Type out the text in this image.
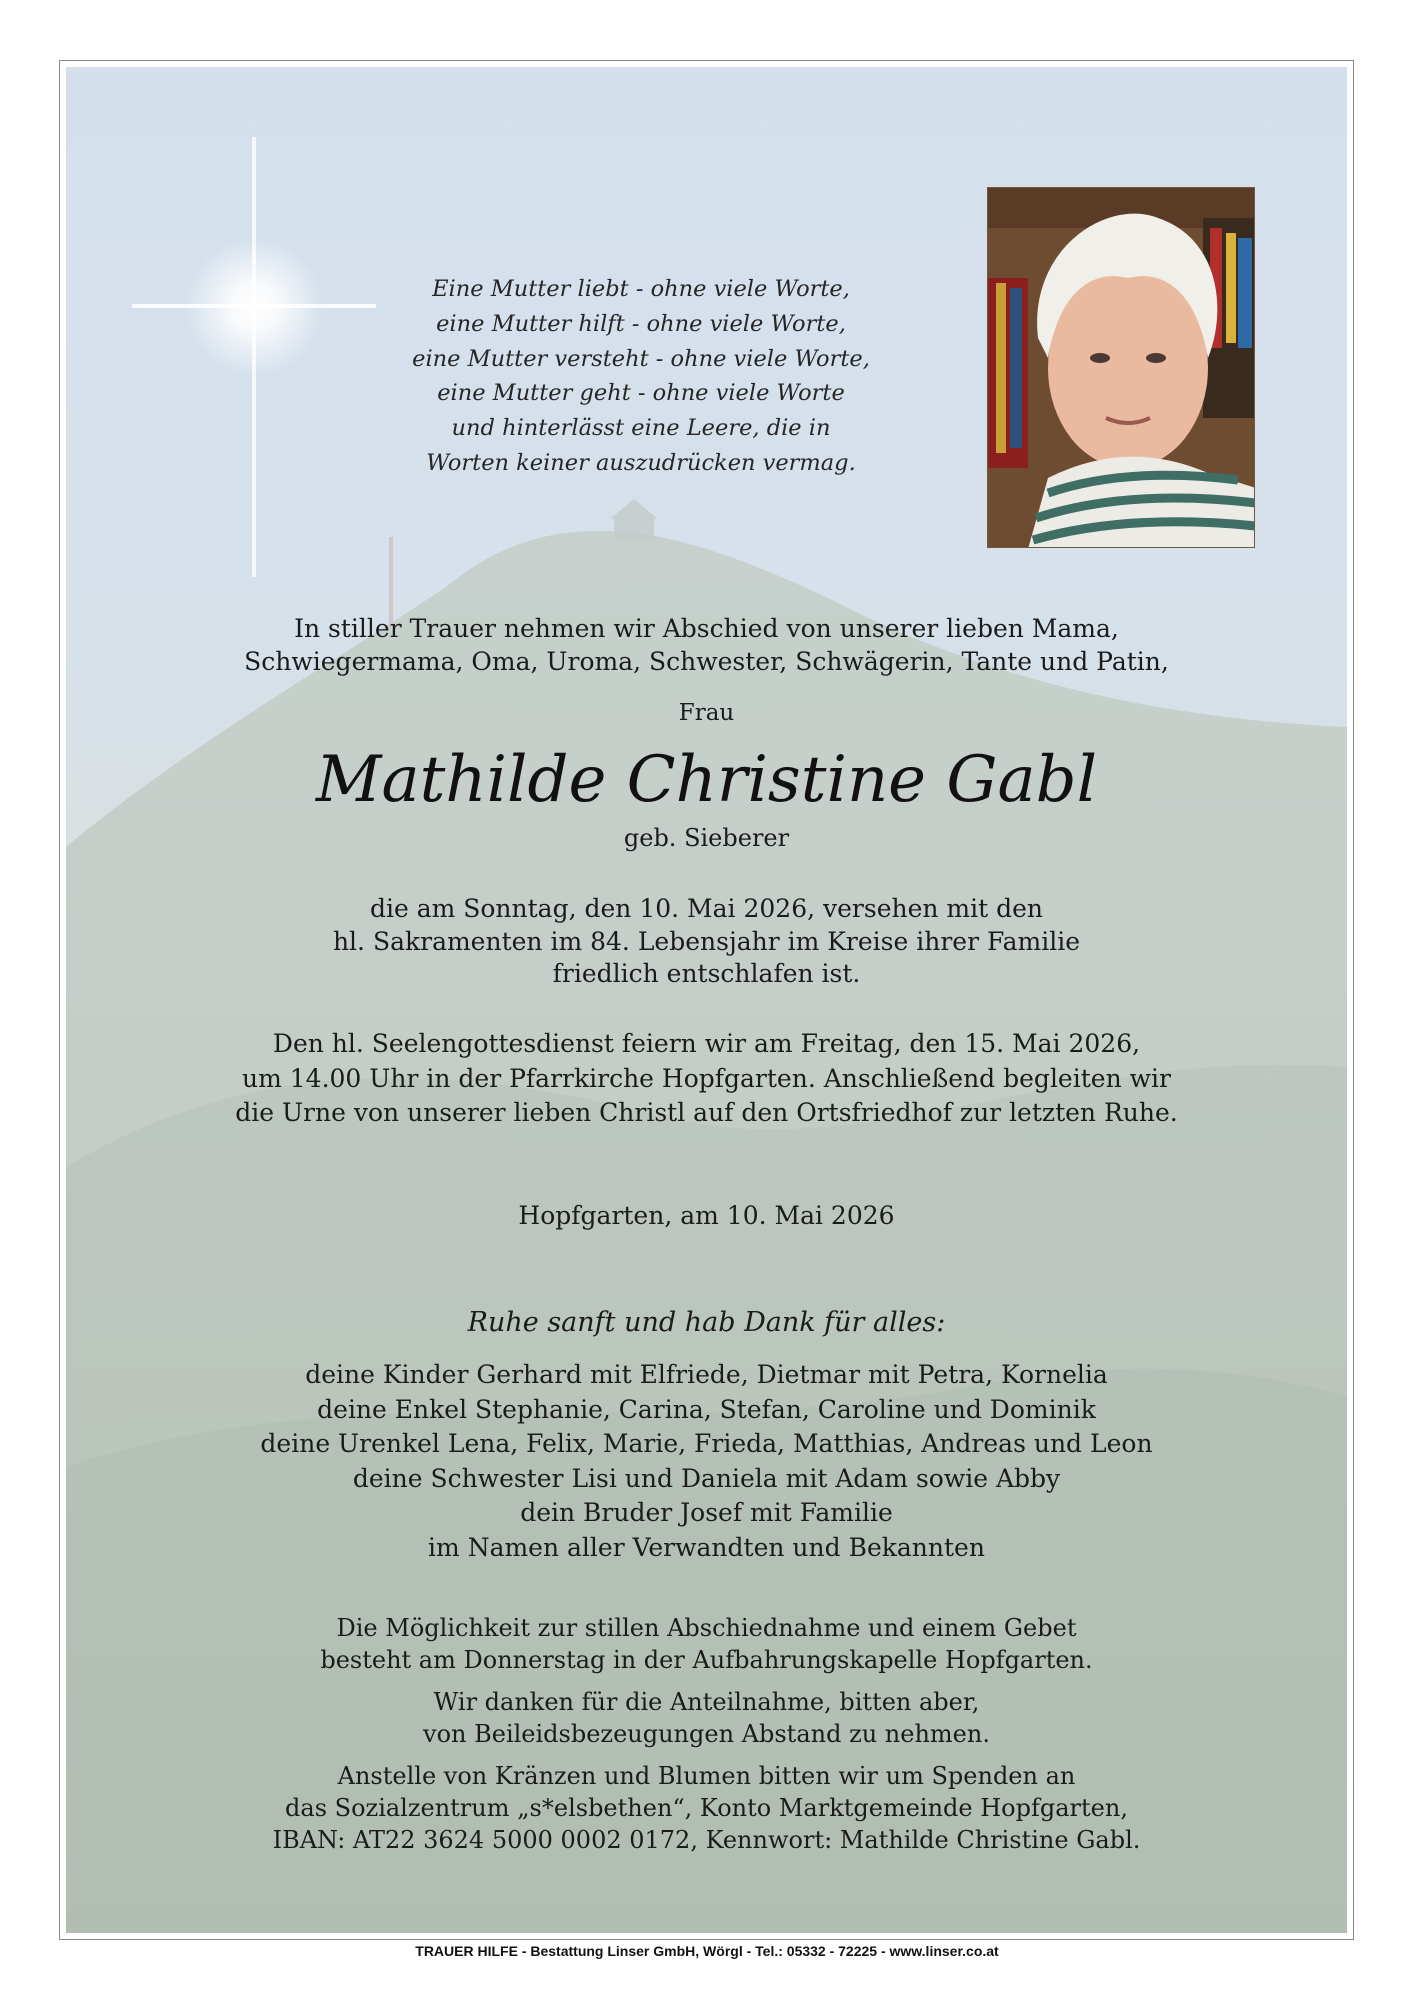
Eine Mutter liebt - ohne viele Worte,
eine Mutter hilft - ohne viele Worte,
eine Mutter versteht - ohne viele Worte,
eine Mutter geht - ohne viele Worte
und hinterlässt eine Leere, die in
Worten keiner auszudrücken vermag.
In stiller Trauer nehmen wir Abschied von unserer lieben Mama,
Schwiegermama, Oma, Uroma, Schwester, Schwägerin, Tante und Patin,
Frau
Mathilde Christine Gabl
geb. Sieberer
die am Sonntag, den 10. Mai 2026, versehen mit den
hl. Sakramenten im 84. Lebensjahr im Kreise ihrer Familie
friedlich entschlafen ist.
Den hl. Seelengottesdienst feiern wir am Freitag, den 15. Mai 2026,
um 14.00 Uhr in der Pfarrkirche Hopfgarten. Anschließend begleiten wir
die Urne von unserer lieben Christl auf den Ortsfriedhof zur letzten Ruhe.
Hopfgarten, am 10. Mai 2026
Ruhe sanft und hab Dank für alles:
deine Kinder Gerhard mit Elfriede, Dietmar mit Petra, Kornelia
deine Enkel Stephanie, Carina, Stefan, Caroline und Dominik
deine Urenkel Lena, Felix, Marie, Frieda, Matthias, Andreas und Leon
deine Schwester Lisi und Daniela mit Adam sowie Abby
dein Bruder Josef mit Familie
im Namen aller Verwandten und Bekannten

Die Möglichkeit zur stillen Abschiednahme und einem Gebet
besteht am Donnerstag in der Aufbahrungskapelle Hopfgarten.

Wir danken für die Anteilnahme, bitten aber,
von Beileidsbezeugungen Abstand zu nehmen.

Anstelle von Kränzen und Blumen bitten wir um Spenden an
das Sozialzentrum „s*elsbethen“, Konto Marktgemeinde Hopfgarten,
IBAN: AT22 3624 5000 0002 0172, Kennwort: Mathilde Christine Gabl.

TRAUER HILFE - Bestattung Linser GmbH, Wörgl - Tel.: 05332 - 72225 - www.linser.co.at
